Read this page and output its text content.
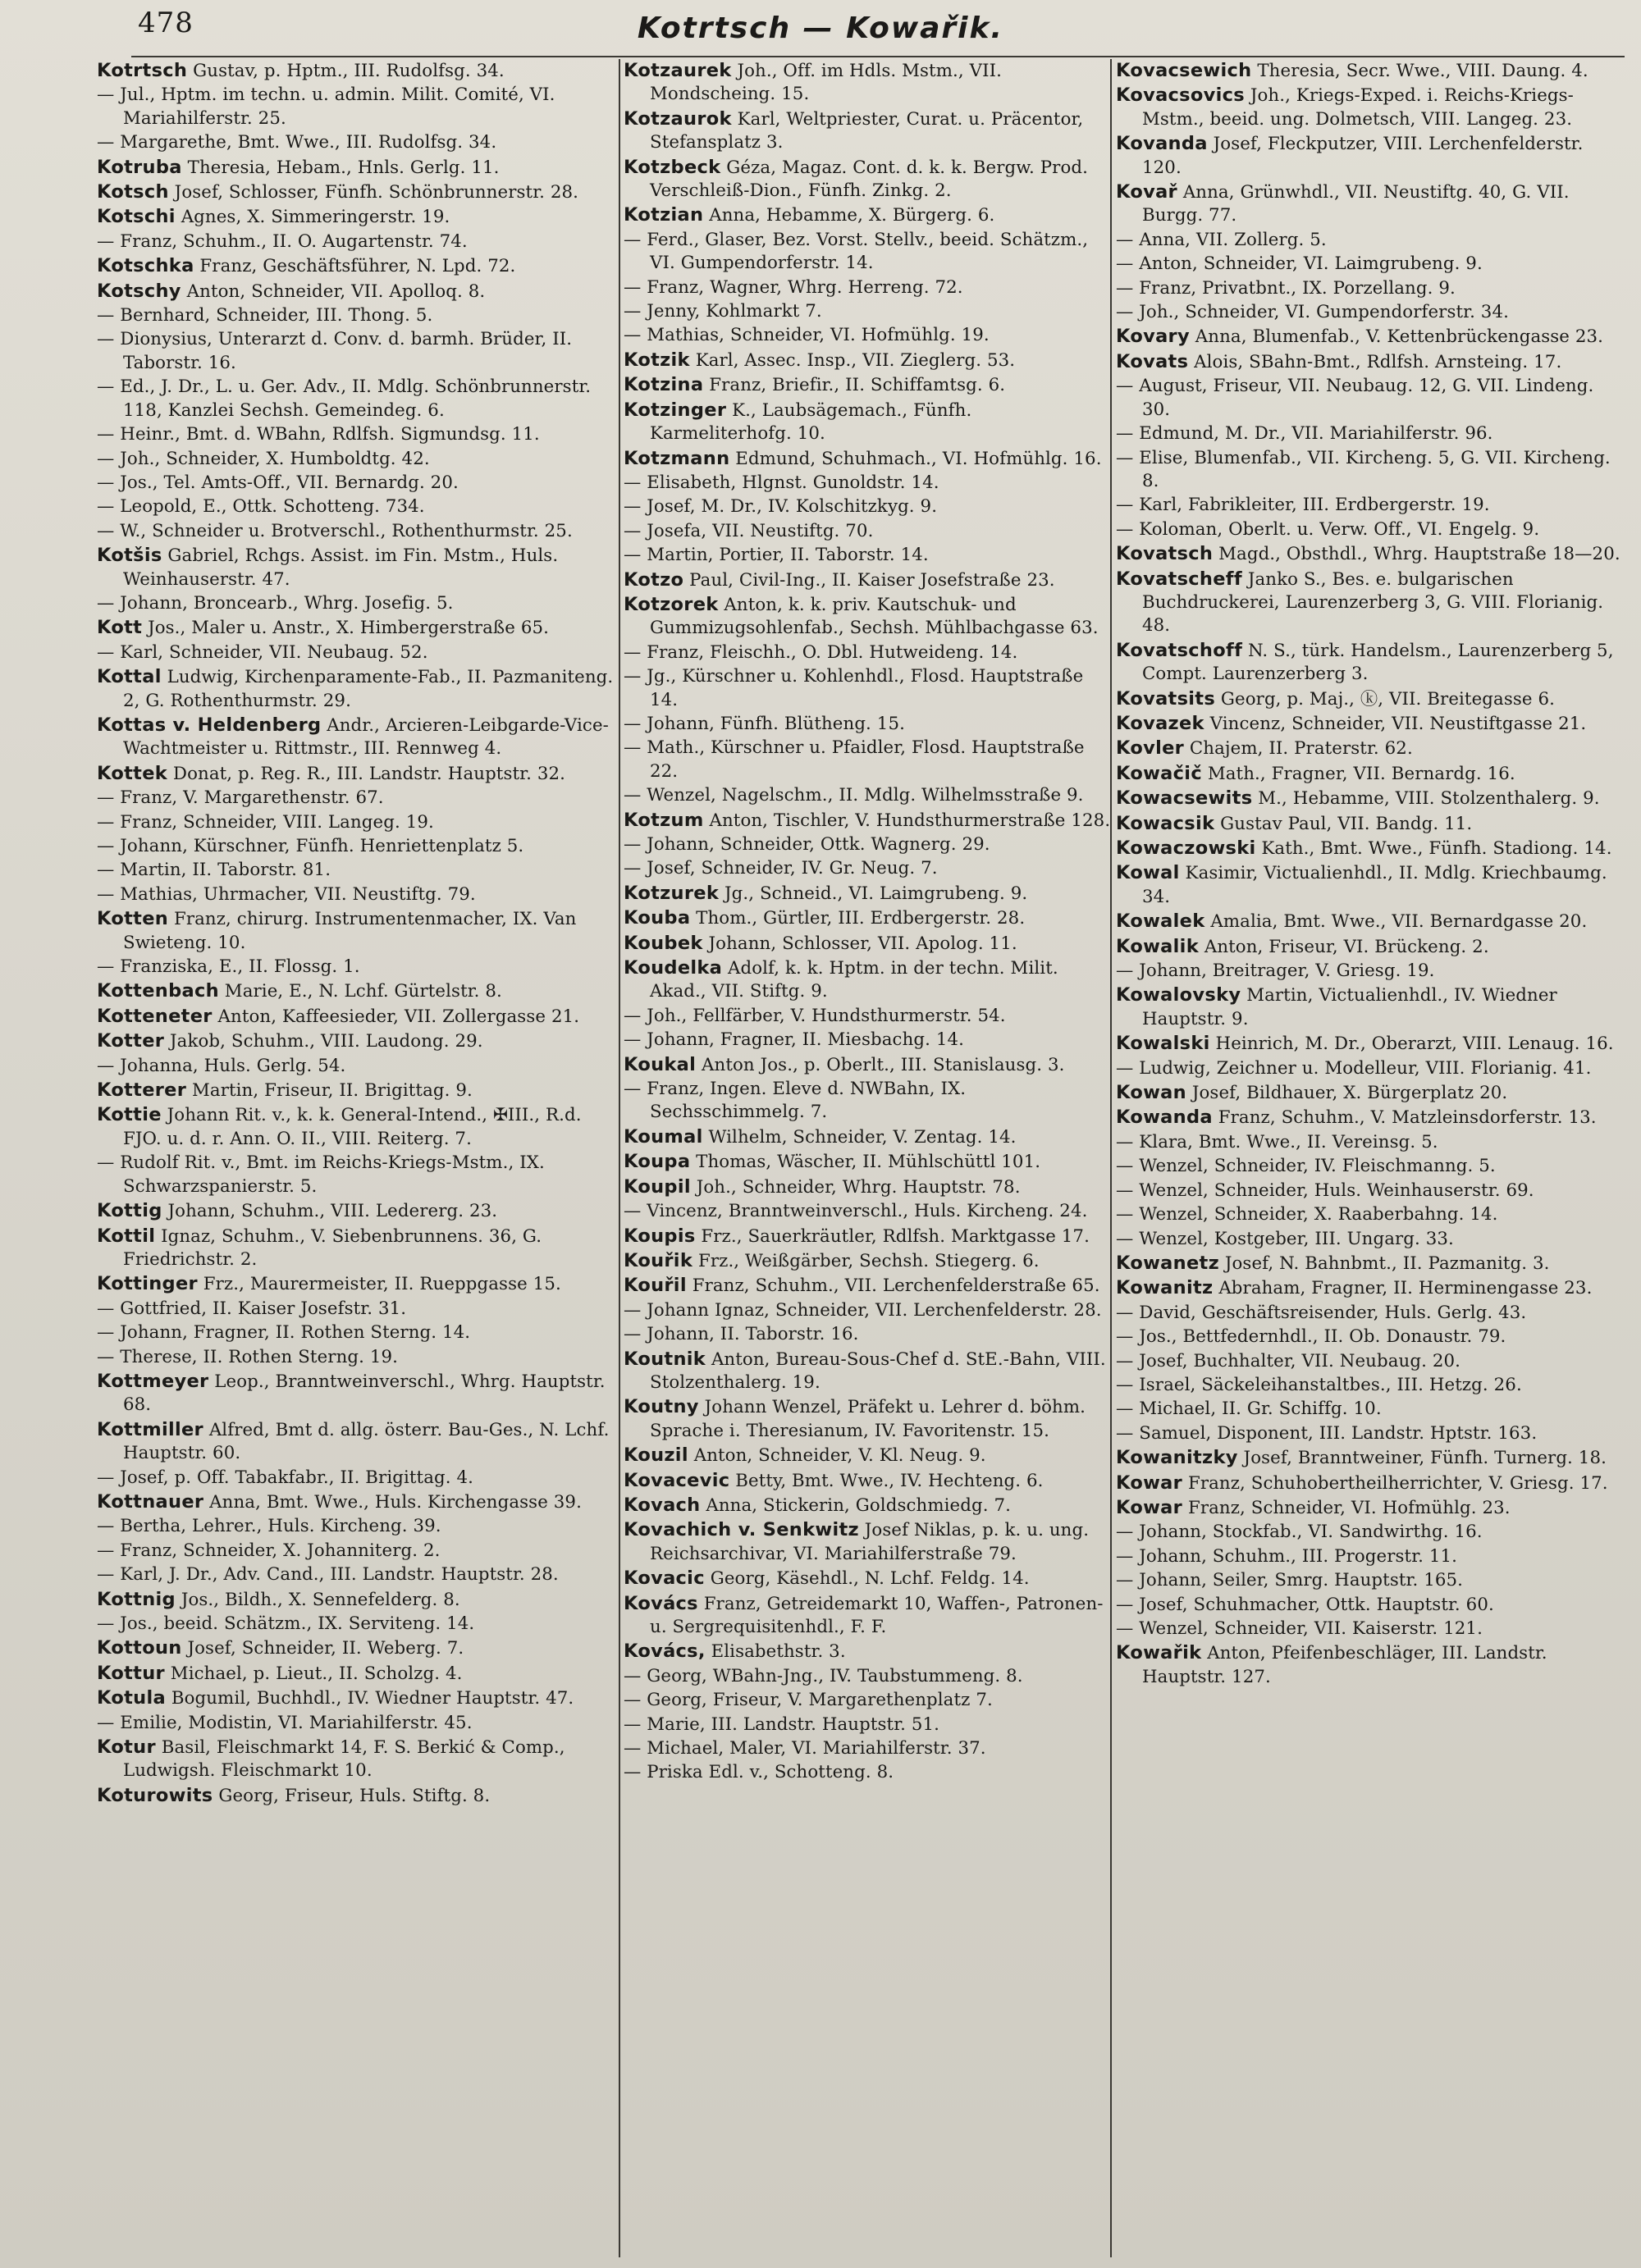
478	Kotrtsch — Kowařik.
Kotrtsch Gustav, p. Hptm., III. Rudolfsg. 34.
— Jul., Hptm. im techn. u. admin. Milit. Comité, VI. Mariahilferstr. 25.
— Margarethe, Bmt. Wwe., III. Rudolfsg. 34.
Kotruba Theresia, Hebam., Hnls. Gerlg. 11.
Kotsch Josef, Schlosser, Fünfh. Schönbrunnerstr. 28.
Kotschi Agnes, X. Simmeringerstr. 19.
— Franz, Schuhm., II. O. Augartenstr. 74.
Kotschka Franz, Geschäftsführer, N. Lpd. 72.
Kotschy Anton, Schneider, VII. Apolloq. 8.
— Bernhard, Schneider, III. Thong. 5.
— Dionysius, Unterarzt d. Conv. d. barmh. Brüder, II. Taborstr. 16.
— Ed., J. Dr., L. u. Ger. Adv., II. Mdlg. Schönbrunnerstr. 118, Kanzlei Sechsh. Gemeindeg. 6.
— Heinr., Bmt. d. WBahn, Rdlfsh. Sigmundsg. 11.
— Joh., Schneider, X. Humboldtg. 42.
— Jos., Tel. Amts-Off., VII. Bernardg. 20.
— Leopold, E., Ottk. Schotteng. 734.
— W., Schneider u. Brotverschl., Rothenthurmstr. 25.
Kotšis Gabriel, Rchgs. Assist. im Fin. Mstm., Huls. Weinhauserstr. 47.
— Johann, Broncearb., Whrg. Josefig. 5.
Kott Jos., Maler u. Anstr., X. Himbergerstraße 65.
— Karl, Schneider, VII. Neubaug. 52.
Kottal Ludwig, Kirchenparamente-Fab., II. Pazmaniteng. 2, G. Rothenthurmstr. 29.
Kottas v. Heldenberg Andr., Arcieren-Leibgarde-Vice-Wachtmeister u. Rittmstr., III. Rennweg 4.
Kottek Donat, p. Reg. R., III. Landstr. Hauptstr. 32.
— Franz, V. Margarethenstr. 67.
— Franz, Schneider, VIII. Langeg. 19.
— Johann, Kürschner, Fünfh. Henriettenplatz 5.
— Martin, II. Taborstr. 81.
— Mathias, Uhrmacher, VII. Neustiftg. 79.
Kotten Franz, chirurg. Instrumentenmacher, IX. Van Swieteng. 10.
— Franziska, E., II. Flossg. 1.
Kottenbach Marie, E., N. Lchf. Gürtelstr. 8.
Kotteneter Anton, Kaffeesieder, VII. Zollergasse 21.
Kotter Jakob, Schuhm., VIII. Laudong. 29.
— Johanna, Huls. Gerlg. 54.
Kotterer Martin, Friseur, II. Brigittag. 9.
Kottie Johann Rit. v., k. k. General-Intend., ✠III., R.d. FJO. u. d. r. Ann. O. II., VIII. Reiterg. 7.
— Rudolf Rit. v., Bmt. im Reichs-Kriegs-Mstm., IX. Schwarzspanierstr. 5.
Kottig Johann, Schuhm., VIII. Ledererg. 23.
Kottil Ignaz, Schuhm., V. Siebenbrunnens. 36, G. Friedrichstr. 2.
Kottinger Frz., Maurermeister, II. Rueppgasse 15.
— Gottfried, II. Kaiser Josefstr. 31.
— Johann, Fragner, II. Rothen Sterng. 14.
— Therese, II. Rothen Sterng. 19.
Kottmeyer Leop., Branntweinverschl., Whrg. Hauptstr. 68.
Kottmiller Alfred, Bmt d. allg. österr. Bau-Ges., N. Lchf. Hauptstr. 60.
— Josef, p. Off. Tabakfabr., II. Brigittag. 4.
Kottnauer Anna, Bmt. Wwe., Huls. Kirchengasse 39.
— Bertha, Lehrer., Huls. Kircheng. 39.
— Franz, Schneider, X. Johanniterg. 2.
— Karl, J. Dr., Adv. Cand., III. Landstr. Hauptstr. 28.
Kottnig Jos., Bildh., X. Sennefelderg. 8.
— Jos., beeid. Schätzm., IX. Serviteng. 14.
Kottoun Josef, Schneider, II. Weberg. 7.
Kottur Michael, p. Lieut., II. Scholzg. 4.
Kotula Bogumil, Buchhdl., IV. Wiedner Hauptstr. 47.
— Emilie, Modistin, VI. Mariahilferstr. 45.
Kotur Basil, Fleischmarkt 14, F. S. Berkić & Comp., Ludwigsh. Fleischmarkt 10.
Koturowits Georg, Friseur, Huls. Stiftg. 8.
Kotzaurek Joh., Off. im Hdls. Mstm., VII. Mondscheing. 15.
Kotzaurok Karl, Weltpriester, Curat. u. Präcentor, Stefansplatz 3.
Kotzbeck Géza, Magaz. Cont. d. k. k. Bergw. Prod. Verschleiß-Dion., Fünfh. Zinkg. 2.
Kotzian Anna, Hebamme, X. Bürgerg. 6.
— Ferd., Glaser, Bez. Vorst. Stellv., beeid. Schätzm., VI. Gumpendorferstr. 14.
— Franz, Wagner, Whrg. Herreng. 72.
— Jenny, Kohlmarkt 7.
— Mathias, Schneider, VI. Hofmühlg. 19.
Kotzik Karl, Assec. Insp., VII. Zieglerg. 53.
Kotzina Franz, Briefir., II. Schiffamtsg. 6.
Kotzinger K., Laubsägemach., Fünfh. Karmeliterhofg. 10.
Kotzmann Edmund, Schuhmach., VI. Hofmühlg. 16.
— Elisabeth, Hlgnst. Gunoldstr. 14.
— Josef, M. Dr., IV. Kolschitzkyg. 9.
— Josefa, VII. Neustiftg. 70.
— Martin, Portier, II. Taborstr. 14.
Kotzo Paul, Civil-Ing., II. Kaiser Josefstraße 23.
Kotzorek Anton, k. k. priv. Kautschuk- und Gummizugsohlenfab., Sechsh. Mühlbachgasse 63.
— Franz, Fleischh., O. Dbl. Hutweideng. 14.
— Jg., Kürschner u. Kohlenhdl., Flosd. Hauptstraße 14.
— Johann, Fünfh. Blütheng. 15.
— Math., Kürschner u. Pfaidler, Flosd. Hauptstraße 22.
— Wenzel, Nagelschm., II. Mdlg. Wilhelmsstraße 9.
Kotzum Anton, Tischler, V. Hundsthurmerstraße 128.
— Johann, Schneider, Ottk. Wagnerg. 29.
— Josef, Schneider, IV. Gr. Neug. 7.
Kotzurek Jg., Schneid., VI. Laimgrubeng. 9.
Kouba Thom., Gürtler, III. Erdbergerstr. 28.
Koubek Johann, Schlosser, VII. Apolog. 11.
Koudelka Adolf, k. k. Hptm. in der techn. Milit. Akad., VII. Stiftg. 9.
— Joh., Fellfärber, V. Hundsthurmerstr. 54.
— Johann, Fragner, II. Miesbachg. 14.
Koukal Anton Jos., p. Oberlt., III. Stanislausg. 3.
— Franz, Ingen. Eleve d. NWBahn, IX. Sechsschimmelg. 7.
Koumal Wilhelm, Schneider, V. Zentag. 14.
Koupa Thomas, Wäscher, II. Mühlschüttl 101.
Koupil Joh., Schneider, Whrg. Hauptstr. 78.
— Vincenz, Branntweinverschl., Huls. Kircheng. 24.
Koupis Frz., Sauerkräutler, Rdlfsh. Marktgasse 17.
Kouřik Frz., Weißgärber, Sechsh. Stiegerg. 6.
Kouřil Franz, Schuhm., VII. Lerchenfelderstraße 65.
— Johann Ignaz, Schneider, VII. Lerchenfelderstr. 28.
— Johann, II. Taborstr. 16.
Koutnik Anton, Bureau-Sous-Chef d. StE.-Bahn, VIII. Stolzenthalerg. 19.
Koutny Johann Wenzel, Präfekt u. Lehrer d. böhm. Sprache i. Theresianum, IV. Favoritenstr. 15.
Kouzil Anton, Schneider, V. Kl. Neug. 9.
Kovacevic Betty, Bmt. Wwe., IV. Hechteng. 6.
Kovach Anna, Stickerin, Goldschmiedg. 7.
Kovachich v. Senkwitz Josef Niklas, p. k. u. ung. Reichsarchivar, VI. Mariahilferstraße 79.
Kovacic Georg, Käsehdl., N. Lchf. Feldg. 14.
Kovács Franz, Getreidemarkt 10, Waffen-, Patronen- u. Sergrequisitenhdl., F. F.
Kovács, Elisabethstr. 3.
— Georg, WBahn-Jng., IV. Taubstummeng. 8.
— Georg, Friseur, V. Margarethenplatz 7.
— Marie, III. Landstr. Hauptstr. 51.
— Michael, Maler, VI. Mariahilferstr. 37.
— Priska Edl. v., Schotteng. 8.
Kovacsewich Theresia, Secr. Wwe., VIII. Daung. 4.
Kovacsovics Joh., Kriegs-Exped. i. Reichs-Kriegs-Mstm., beeid. ung. Dolmetsch, VIII. Langeg. 23.
Kovanda Josef, Fleckputzer, VIII. Lerchenfelderstr. 120.
Kovař Anna, Grünwhdl., VII. Neustiftg. 40, G. VII. Burgg. 77.
— Anna, VII. Zollerg. 5.
— Anton, Schneider, VI. Laimgrubeng. 9.
— Franz, Privatbnt., IX. Porzellang. 9.
— Joh., Schneider, VI. Gumpendorferstr. 34.
Kovary Anna, Blumenfab., V. Kettenbrückengasse 23.
Kovats Alois, SBahn-Bmt., Rdlfsh. Arnsteing. 17.
— August, Friseur, VII. Neubaug. 12, G. VII. Lindeng. 30.
— Edmund, M. Dr., VII. Mariahilferstr. 96.
— Elise, Blumenfab., VII. Kircheng. 5, G. VII. Kircheng. 8.
— Karl, Fabrikleiter, III. Erdbergerstr. 19.
— Koloman, Oberlt. u. Verw. Off., VI. Engelg. 9.
Kovatsch Magd., Obsthdl., Whrg. Hauptstraße 18—20.
Kovatscheff Janko S., Bes. e. bulgarischen Buchdruckerei, Laurenzerberg 3, G. VIII. Florianig. 48.
Kovatschoff N. S., türk. Handelsm., Laurenzerberg 5, Compt. Laurenzerberg 3.
Kovatsits Georg, p. Maj., ⓚ, VII. Breitegasse 6.
Kovazek Vincenz, Schneider, VII. Neustiftgasse 21.
Kovler Chajem, II. Praterstr. 62.
Kowačič Math., Fragner, VII. Bernardg. 16.
Kowacsewits M., Hebamme, VIII. Stolzenthalerg. 9.
Kowacsik Gustav Paul, VII. Bandg. 11.
Kowaczowski Kath., Bmt. Wwe., Fünfh. Stadiong. 14.
Kowal Kasimir, Victualienhdl., II. Mdlg. Kriechbaumg. 34.
Kowalek Amalia, Bmt. Wwe., VII. Bernardgasse 20.
Kowalik Anton, Friseur, VI. Brückeng. 2.
— Johann, Breitrager, V. Griesg. 19.
Kowalovsky Martin, Victualienhdl., IV. Wiedner Hauptstr. 9.
Kowalski Heinrich, M. Dr., Oberarzt, VIII. Lenaug. 16.
— Ludwig, Zeichner u. Modelleur, VIII. Florianig. 41.
Kowan Josef, Bildhauer, X. Bürgerplatz 20.
Kowanda Franz, Schuhm., V. Matzleinsdorferstr. 13.
— Klara, Bmt. Wwe., II. Vereinsg. 5.
— Wenzel, Schneider, IV. Fleischmanng. 5.
— Wenzel, Schneider, Huls. Weinhauserstr. 69.
— Wenzel, Schneider, X. Raaberbahng. 14.
— Wenzel, Kostgeber, III. Ungarg. 33.
Kowanetz Josef, N. Bahnbmt., II. Pazmanitg. 3.
Kowanitz Abraham, Fragner, II. Herminengasse 23.
— David, Geschäftsreisender, Huls. Gerlg. 43.
— Jos., Bettfedernhdl., II. Ob. Donaustr. 79.
— Josef, Buchhalter, VII. Neubaug. 20.
— Israel, Säckeleihanstaltbes., III. Hetzg. 26.
— Michael, II. Gr. Schiffg. 10.
— Samuel, Disponent, III. Landstr. Hptstr. 163.
Kowanitzky Josef, Branntweiner, Fünfh. Turnerg. 18.
Kowar Franz, Schuhobertheilherrichter, V. Griesg. 17.
Kowar Franz, Schneider, VI. Hofmühlg. 23.
— Johann, Stockfab., VI. Sandwirthg. 16.
— Johann, Schuhm., III. Progerstr. 11.
— Johann, Seiler, Smrg. Hauptstr. 165.
— Josef, Schuhmacher, Ottk. Hauptstr. 60.
— Wenzel, Schneider, VII. Kaiserstr. 121.
Kowařik Anton, Pfeifenbeschläger, III. Landstr. Hauptstr. 127.
